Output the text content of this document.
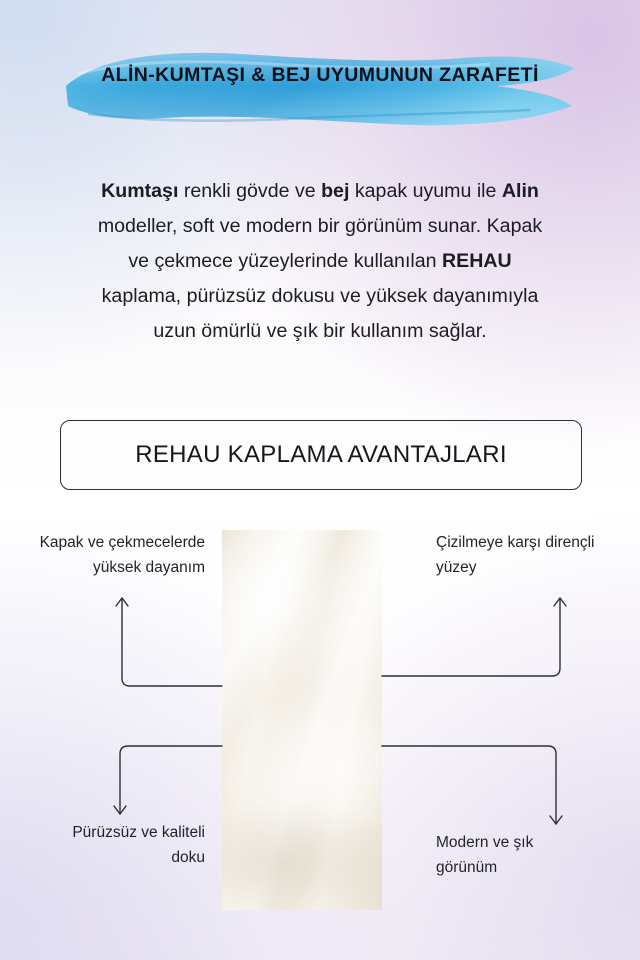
ALİN-KUMTAŞI & BEJ UYUMUNUN ZARAFETİ
Kumtaşı renkli gövde ve bej kapak uyumu ile Alin
modeller, soft ve modern bir görünüm sunar. Kapak
ve çekmece yüzeylerinde kullanılan REHAU
kaplama, pürüzsüz dokusu ve yüksek dayanımıyla
uzun ömürlü ve şık bir kullanım sağlar.
REHAU KAPLAMA AVANTAJLARI
Kapak ve çekmecelerde
yüksek dayanım
Çizilmeye karşı dirençli
yüzey
Pürüzsüz ve kaliteli
doku
Modern ve şık
görünüm
